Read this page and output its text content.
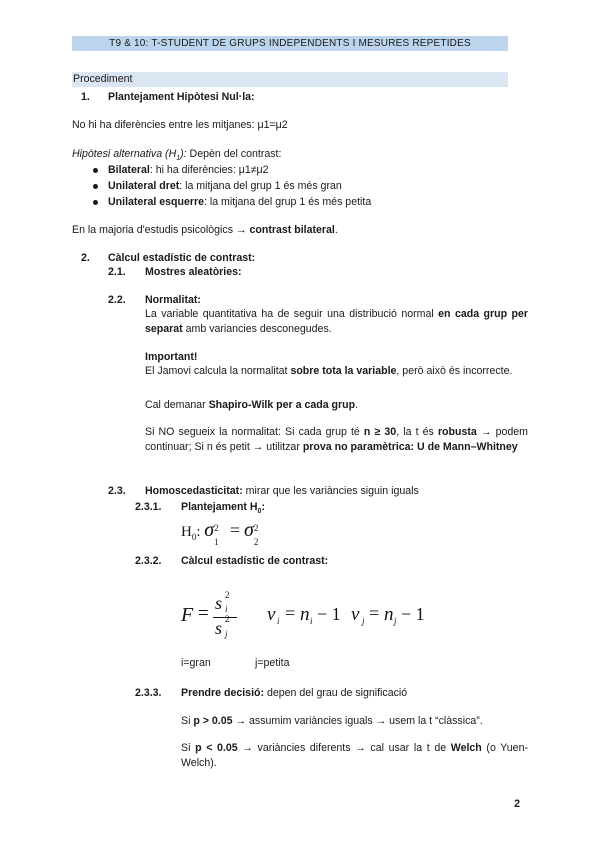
T9 & 10: T-STUDENT DE GRUPS INDEPENDENTS I MESURES REPETIDES
Procediment
1. Plantejament Hipòtesi Nul·la:
No hi ha diferències entre les mitjanes: μ1=μ2
Hipòtesi alternativa $(H_1)$: Depèn del contrast:
Bilateral: hi ha diferències: μ1≠μ2
Unilateral dret: la mitjana del grup 1 és més gran
Unilateral esquerre: la mitjana del grup 1 és més petita
En la majoria d'estudis psicològics → contrast bilateral.
2. Càlcul estadístic de contrast:
2.1. Mostres aleatòries:
2.2. Normalitat:
La variable quantitativa ha de seguir una distribució normal en cada grup per separat amb variancies desconegudes.
Important!
El Jamovi calcula la normalitat sobre tota la variable, però això és incorrecte.
Cal demanar Shapiro-Wilk per a cada grup.
Si NO segueix la normalitat: Si cada grup té n ≥ 30, la t és robusta → podem continuar; Si n és petit → utilitzar prova no paramètrica: U de Mann–Whitney
2.3. Homoscedasticitat: mirar que les variàncies siguin iguals
2.3.1. Plantejament $H_0$:
$H_0$: σ 2
1
= σ 2
2
2.3.2. Càlcul estadístic de contrast:
F = s 2
i
s 2
j
ν i = n i − 1 ν j = n j − 1
i=gran	j=petita
2.3.3. Prendre decisió: depen del grau de significació
Si p > 0.05 → assumim variàncies iguals → usem la t “clàssica”.
Si p < 0.05 → variàncies diferents → cal usar la t de Welch (o Yuen-Welch).
2
